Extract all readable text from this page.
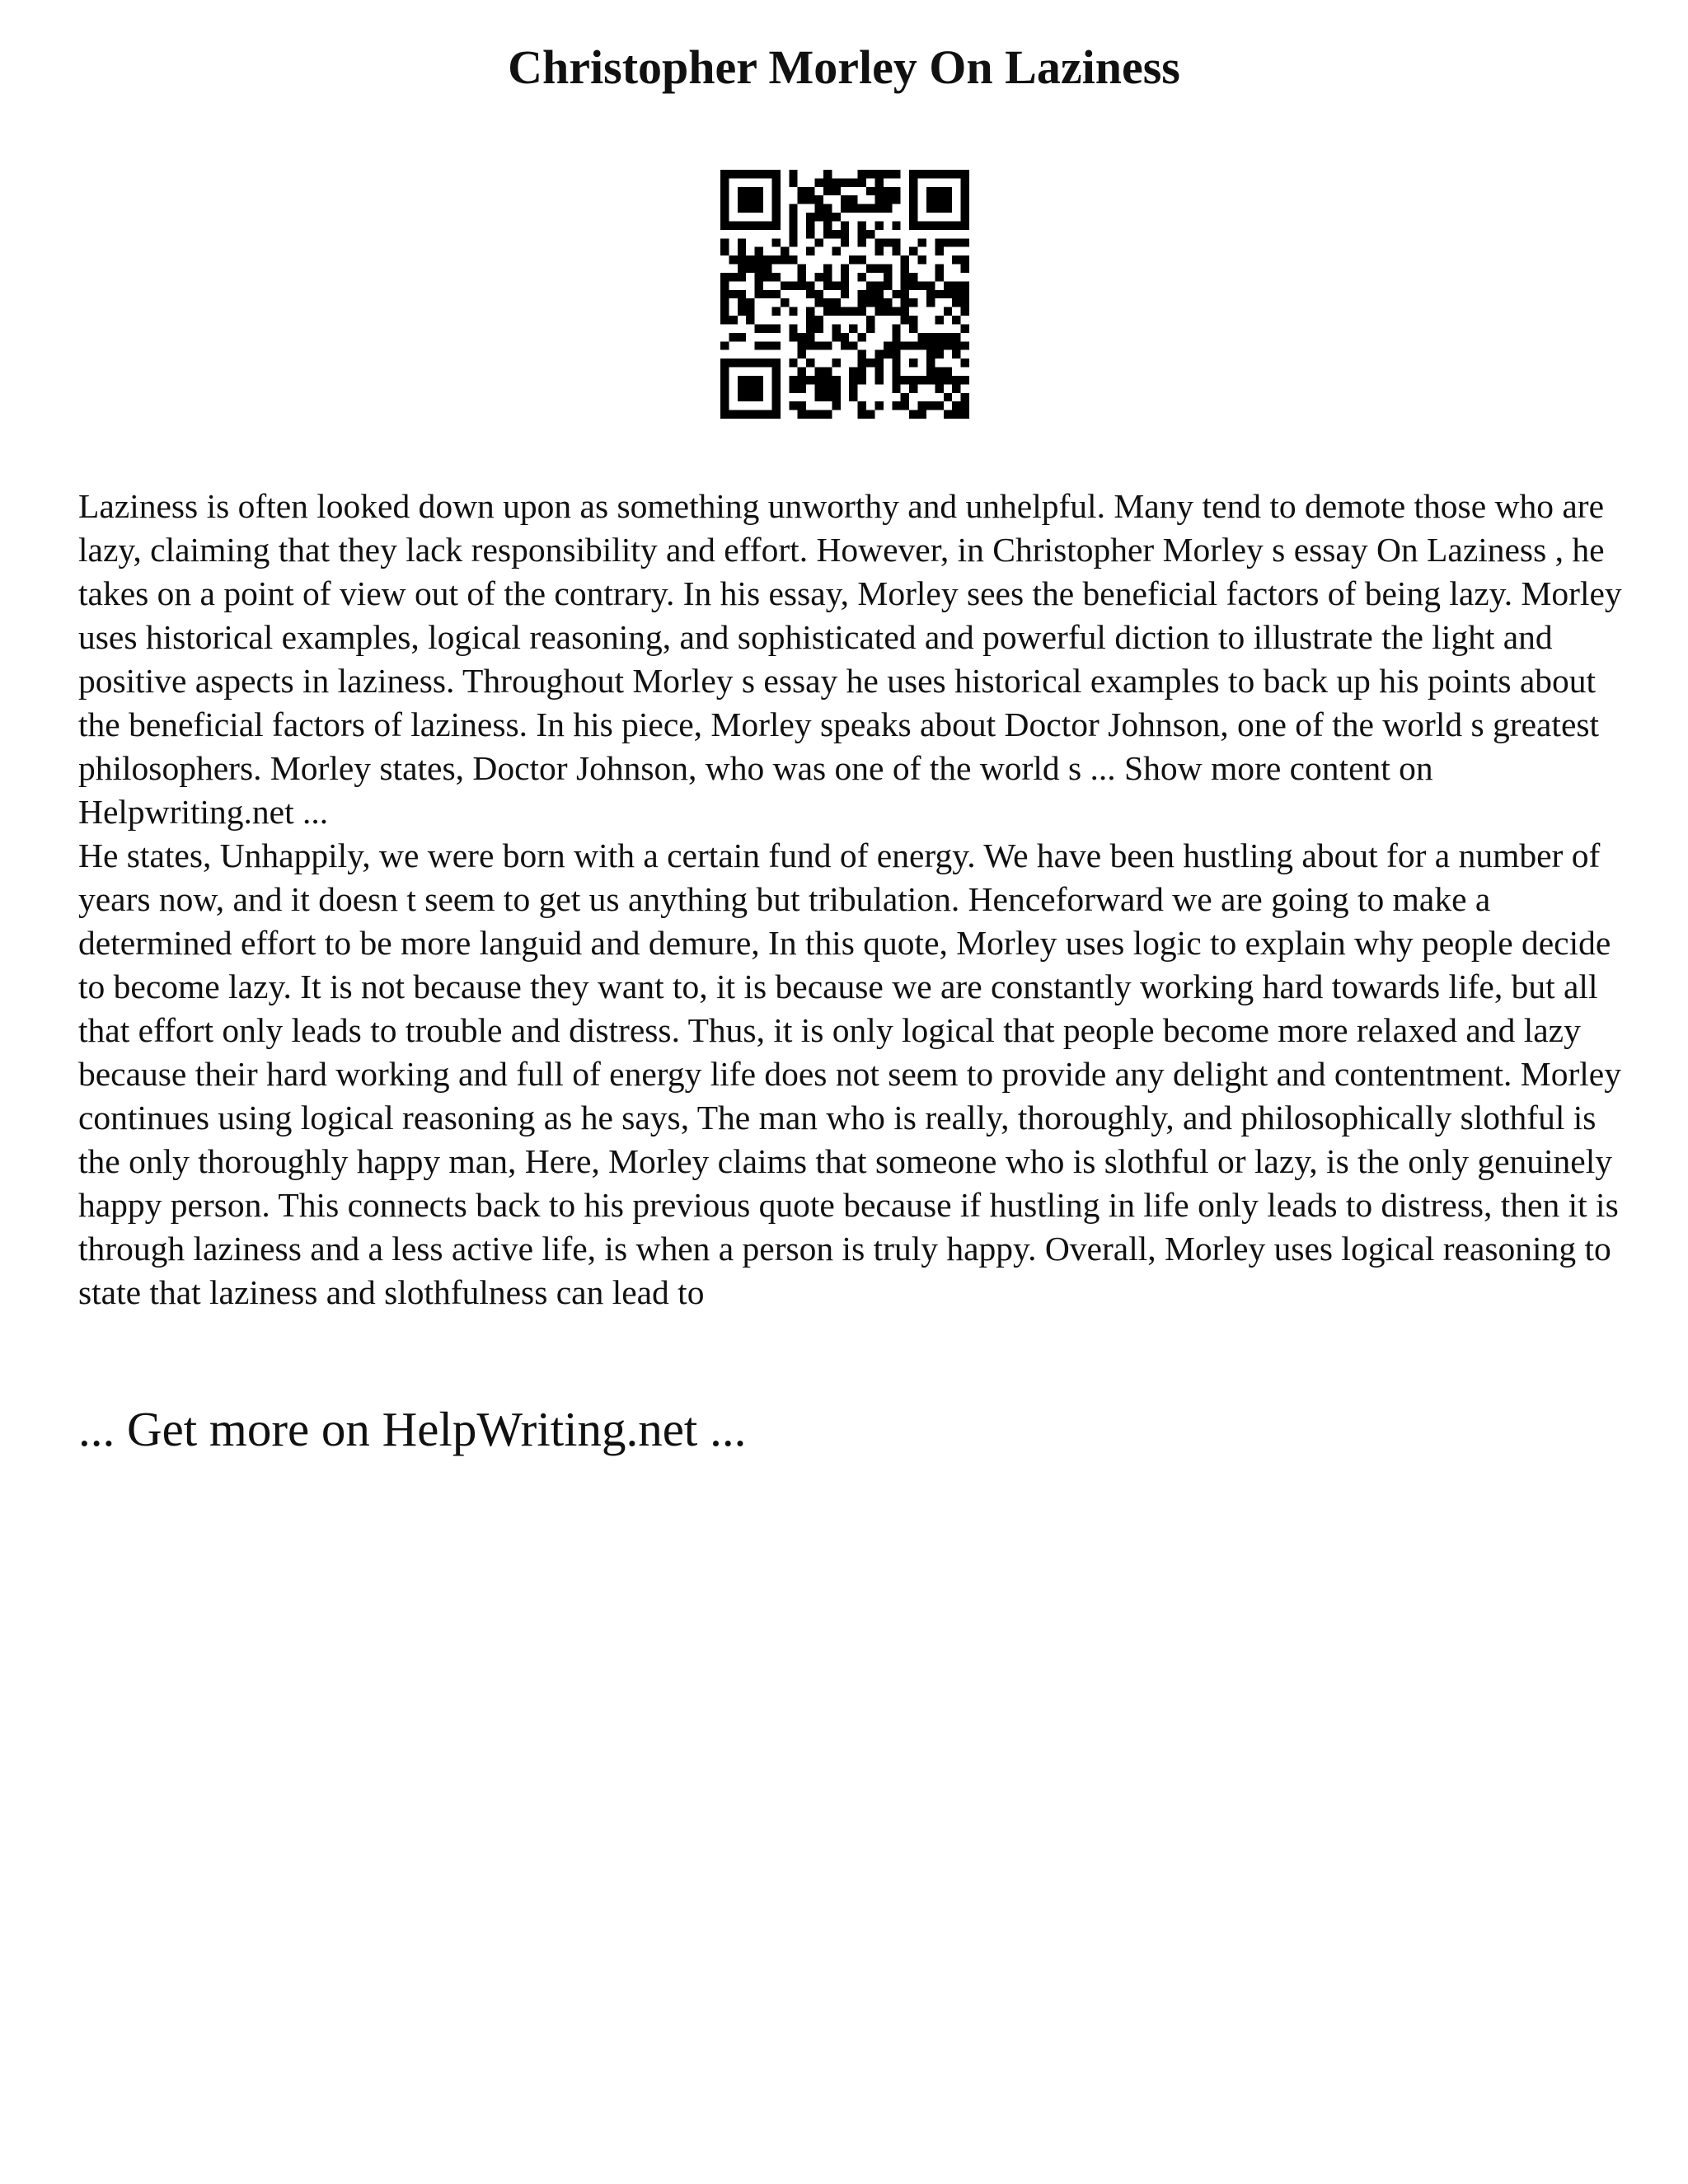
Christopher Morley On Laziness

Laziness is often looked down upon as something unworthy and unhelpful. Many tend to demote those who are lazy, claiming that they lack responsibility and effort. However, in Christopher Morley s essay On Laziness , he takes on a point of view out of the contrary. In his essay, Morley sees the beneficial factors of being lazy. Morley uses historical examples, logical reasoning, and sophisticated and powerful diction to illustrate the light and positive aspects in laziness. Throughout Morley s essay he uses historical examples to back up his points about the beneficial factors of laziness. In his piece, Morley speaks about Doctor Johnson, one of the world s greatest philosophers. Morley states, Doctor Johnson, who was one of the world s ... Show more content on Helpwriting.net ...

He states, Unhappily, we were born with a certain fund of energy. We have been hustling about for a number of years now, and it doesn t seem to get us anything but tribulation. Henceforward we are going to make a determined effort to be more languid and demure, In this quote, Morley uses logic to explain why people decide to become lazy. It is not because they want to, it is because we are constantly working hard towards life, but all that effort only leads to trouble and distress. Thus, it is only logical that people become more relaxed and lazy because their hard working and full of energy life does not seem to provide any delight and contentment. Morley continues using logical reasoning as he says, The man who is really, thoroughly, and philosophically slothful is the only thoroughly happy man, Here, Morley claims that someone who is slothful or lazy, is the only genuinely happy person. This connects back to his previous quote because if hustling in life only leads to distress, then it is through laziness and a less active life, is when a person is truly happy. Overall, Morley uses logical reasoning to state that laziness and slothfulness can lead to

... Get more on HelpWriting.net ...
